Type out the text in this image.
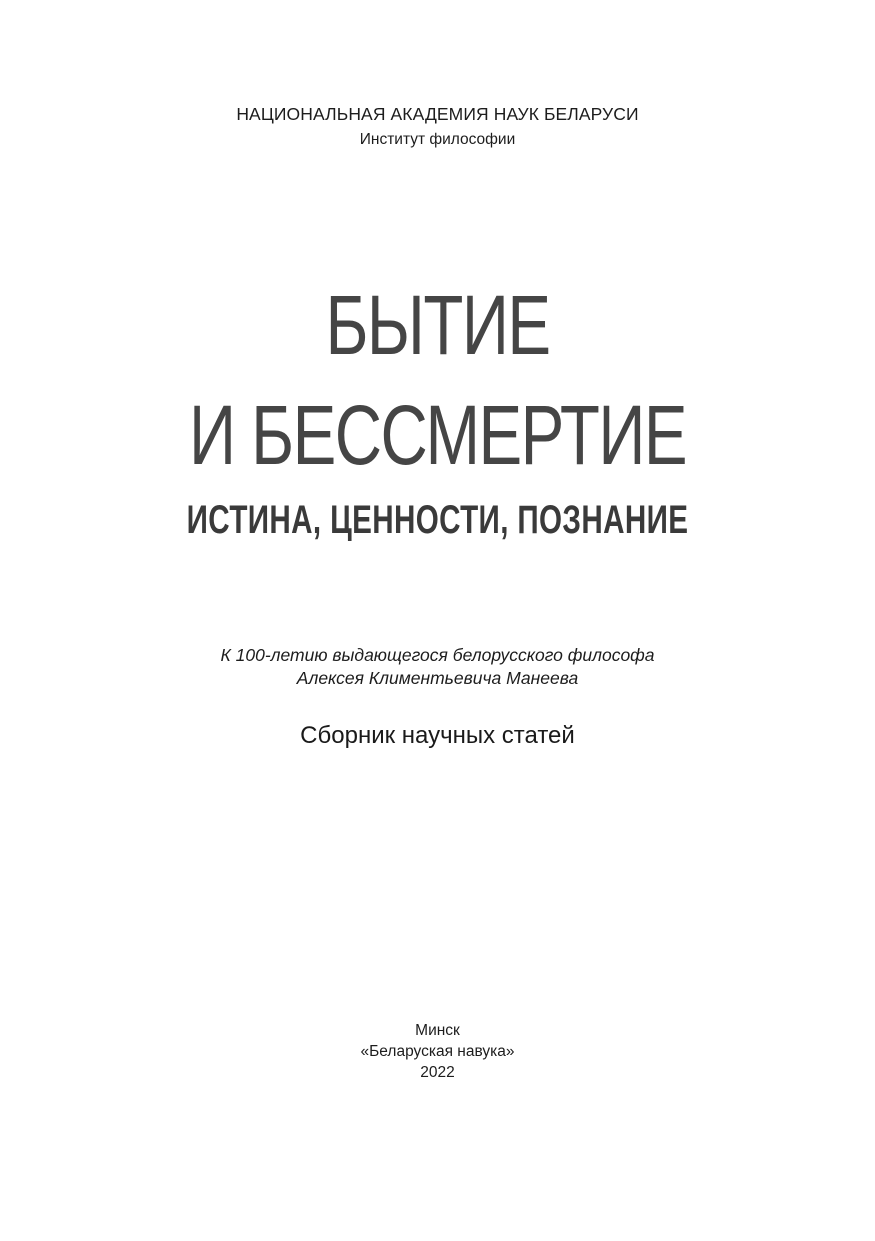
НАЦИОНАЛЬНАЯ АКАДЕМИЯ НАУК БЕЛАРУСИ
Институт философии
БЫТИЕ
И БЕССМЕРТИЕ
ИСТИНА, ЦЕННОСТИ, ПОЗНАНИЕ
К 100-летию выдающегося белорусского философа
Алексея Климентьевича Манеева
Сборник научных статей
Минск
«Беларуская навука»
2022
